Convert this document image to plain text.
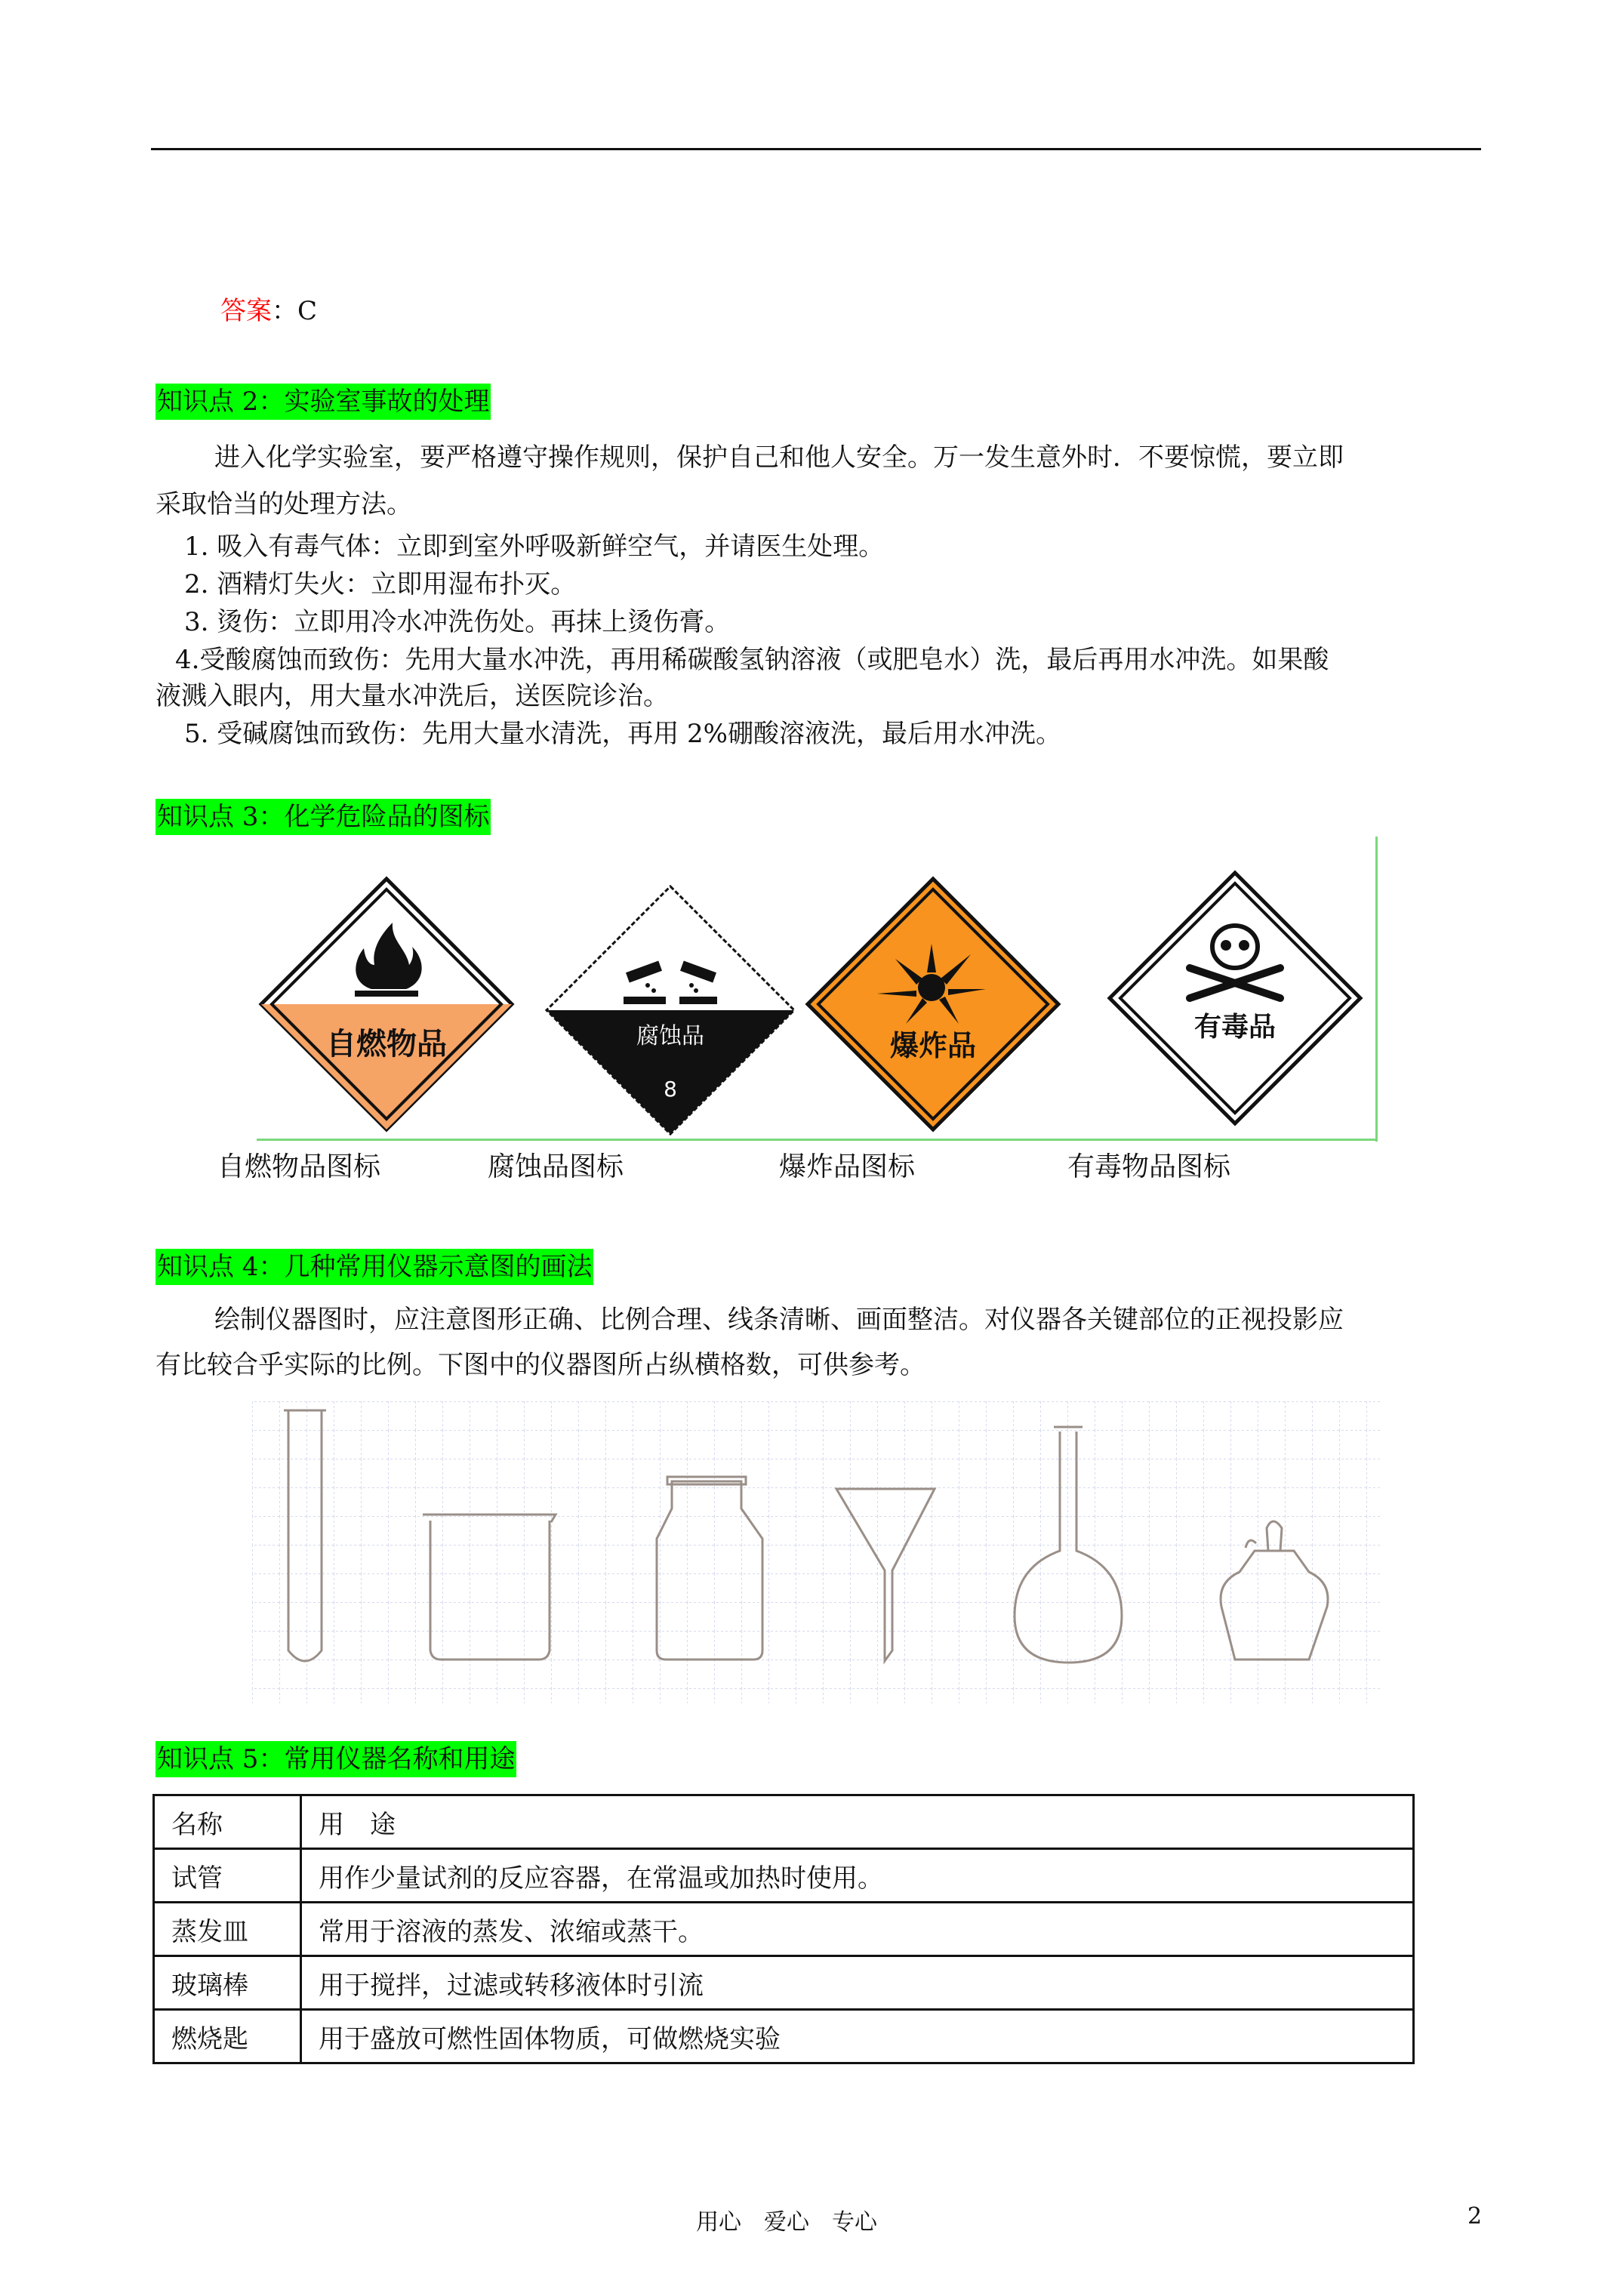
答案：C
知识点 2：实验室事故的处理
进入化学实验室，要严格遵守操作规则，保护自己和他人安全。万一发生意外时．不要惊慌，要立即
采取恰当的处理方法。
1. 吸入有毒气体：立即到室外呼吸新鲜空气，并请医生处理。
2. 酒精灯失火：立即用湿布扑灭。
3. 烫伤：立即用冷水冲洗伤处。再抹上烫伤膏。
4.受酸腐蚀而致伤：先用大量水冲洗，再用稀碳酸氢钠溶液（或肥皂水）洗，最后再用水冲洗。如果酸
液溅入眼内，用大量水冲洗后，送医院诊治。
5. 受碱腐蚀而致伤：先用大量水清洗，再用 2%硼酸溶液洗，最后用水冲洗。
知识点 3：化学危险品的图标
自燃物品	腐蚀品
8
爆炸品
有毒品
自燃物品图标	腐蚀品图标	爆炸品图标	有毒物品图标
知识点 4：几种常用仪器示意图的画法
绘制仪器图时，应注意图形正确、比例合理、线条清晰、画面整洁。对仪器各关键部位的正视投影应
有比较合乎实际的比例。下图中的仪器图所占纵横格数，可供参考。
知识点 5：常用仪器名称和用途
名称	用　途
试管	用作少量试剂的反应容器，在常温或加热时使用。
蒸发皿	常用于溶液的蒸发、浓缩或蒸干。
玻璃棒	用于搅拌，过滤或转移液体时引流
燃烧匙	用于盛放可燃性固体物质，可做燃烧实验
用心　爱心　专心	2
